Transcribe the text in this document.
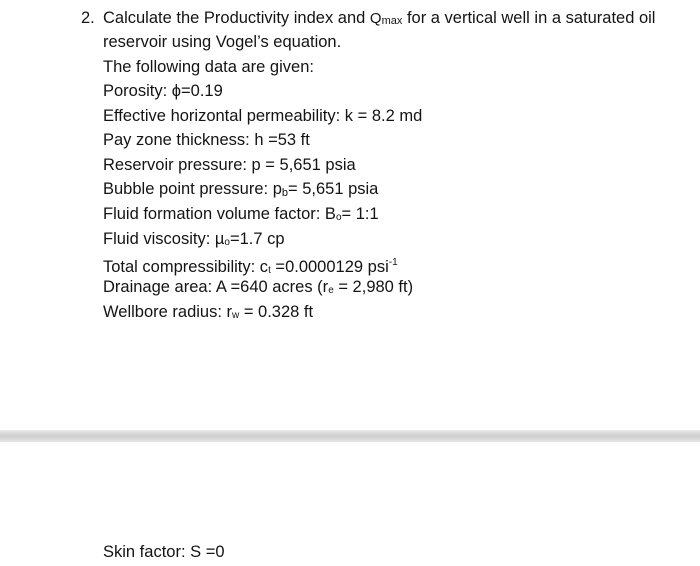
2. Calculate the Productivity index and Qmax for a vertical well in a saturated oil
reservoir using Vogel’s equation.
The following data are given:
Porosity: ϕ=0.19
Effective horizontal permeability: k = 8.2 md
Pay zone thickness: h =53 ft
Reservoir pressure: p = 5,651 psia
Bubble point pressure: pb= 5,651 psia
Fluid formation volume factor: Bo= 1:1
Fluid viscosity: µo=1.7 cp
Total compressibility: ct =0.0000129 psi$^{-1}$
Drainage area: A =640 acres (re = 2,980 ft)
Wellbore radius: rw = 0.328 ft
Skin factor: S =0
